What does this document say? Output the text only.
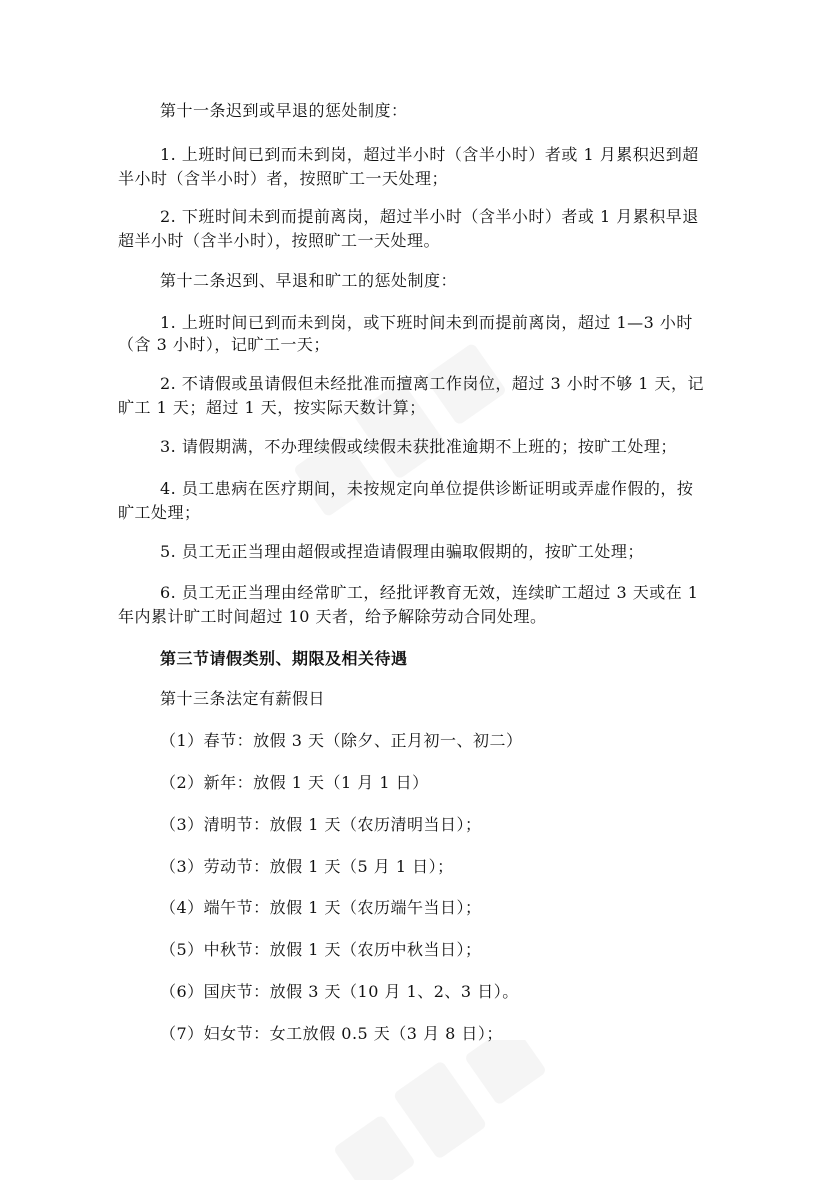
第十一条迟到或早退的惩处制度：
1. 上班时间已到而未到岗，超过半小时（含半小时）者或 1 月累积迟到超
半小时（含半小时）者，按照旷工一天处理；
2. 下班时间未到而提前离岗，超过半小时（含半小时）者或 1 月累积早退
超半小时（含半小时），按照旷工一天处理。
第十二条迟到、早退和旷工的惩处制度：
1. 上班时间已到而未到岗，或下班时间未到而提前离岗，超过 1—3 小时
（含 3 小时），记旷工一天；
2. 不请假或虽请假但未经批准而擅离工作岗位，超过 3 小时不够 1 天，记
旷工 1 天；超过 1 天，按实际天数计算；
3. 请假期满，不办理续假或续假未获批准逾期不上班的；按旷工处理；
4. 员工患病在医疗期间，未按规定向单位提供诊断证明或弄虚作假的，按
旷工处理；
5. 员工无正当理由超假或捏造请假理由骗取假期的，按旷工处理；
6. 员工无正当理由经常旷工，经批评教育无效，连续旷工超过 3 天或在 1
年内累计旷工时间超过 10 天者，给予解除劳动合同处理。
第三节请假类别、期限及相关待遇
第十三条法定有薪假日
（1）春节：放假 3 天（除夕、正月初一、初二）
（2）新年：放假 1 天（1 月 1 日）
（3）清明节：放假 1 天（农历清明当日）；
（3）劳动节：放假 1 天（5 月 1 日）；
（4）端午节：放假 1 天（农历端午当日）；
（5）中秋节：放假 1 天（农历中秋当日）；
（6）国庆节：放假 3 天（10 月 1、2、3 日）。
（7）妇女节：女工放假 0.5 天（3 月 8 日）；
